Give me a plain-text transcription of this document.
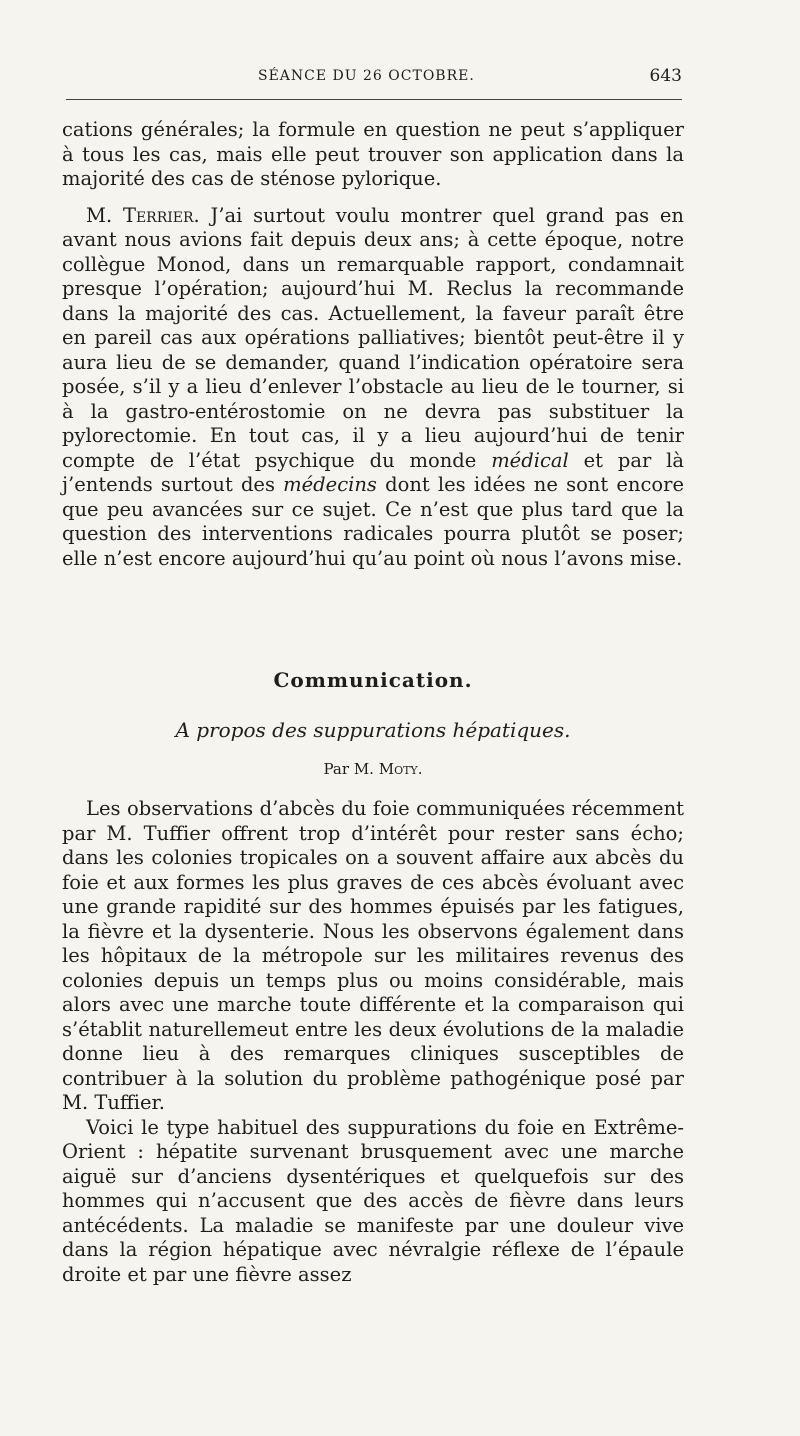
SÉANCE DU 26 OCTOBRE.	643

cations générales; la formule en question ne peut s’appliquer à tous les cas, mais elle peut trouver son application dans la majorité des cas de sténose pylorique.

M. Terrier. J’ai surtout voulu montrer quel grand pas en avant nous avions fait depuis deux ans; à cette époque, notre collègue Monod, dans un remarquable rapport, condamnait presque l’opération; aujourd’hui M. Reclus la recommande dans la majorité des cas. Actuellement, la faveur paraît être en pareil cas aux opérations palliatives; bientôt peut-être il y aura lieu de se demander, quand l’indication opératoire sera posée, s’il y a lieu d’enlever l’obstacle au lieu de le tourner, si à la gastro-entérostomie on ne devra pas substituer la pylorectomie. En tout cas, il y a lieu aujourd’hui de tenir compte de l’état psychique du monde médical et par là j’entends surtout des médecins dont les idées ne sont encore que peu avancées sur ce sujet. Ce n’est que plus tard que la question des interventions radicales pourra plutôt se poser; elle n’est encore aujourd’hui qu’au point où nous l’avons mise.

Communication.
A propos des suppurations hépatiques.
Par M. Moty.

Les observations d’abcès du foie communiquées récemment par M. Tuffier offrent trop d’intérêt pour rester sans écho; dans les colonies tropicales on a souvent affaire aux abcès du foie et aux formes les plus graves de ces abcès évoluant avec une grande rapidité sur des hommes épuisés par les fatigues, la fièvre et la dysenterie. Nous les observons également dans les hôpitaux de la métropole sur les militaires revenus des colonies depuis un temps plus ou moins considérable, mais alors avec une marche toute différente et la comparaison qui s’établit naturellemeut entre les deux évolutions de la maladie donne lieu à des remarques cliniques susceptibles de contribuer à la solution du problème pathogénique posé par M. Tuffier.

Voici le type habituel des suppurations du foie en Extrême-Orient : hépatite survenant brusquement avec une marche aiguë sur d’anciens dysentériques et quelquefois sur des hommes qui n’accusent que des accès de fièvre dans leurs antécédents. La maladie se manifeste par une douleur vive dans la région hépatique avec névralgie réflexe de l’épaule droite et par une fièvre assez
